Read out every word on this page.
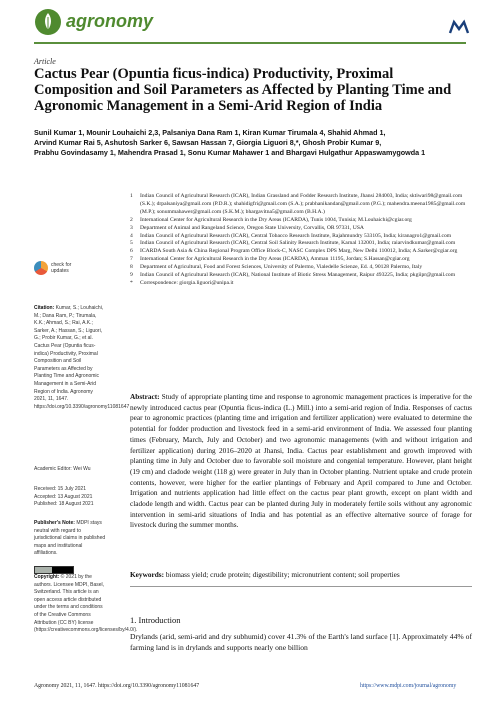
agronomy
Article
Cactus Pear (Opuntia ficus-indica) Productivity, Proximal Composition and Soil Parameters as Affected by Planting Time and Agronomic Management in a Semi-Arid Region of India
Sunil Kumar 1, Mounir Louhaichi 2,3, Palsaniya Dana Ram 1, Kiran Kumar Tirumala 4, Shahid Ahmad 1,
Arvind Kumar Rai 5, Ashutosh Sarker 6, Sawsan Hassan 7, Giorgia Liguori 8,*, Ghosh Probir Kumar 9,
Prabhu Govindasamy 1, Mahendra Prasad 1, Sonu Kumar Mahawer 1 and Bhargavi Hulgathur Appaswamygowda 1
1	Indian Council of Agricultural Research (ICAR), Indian Grassland and Fodder Research Institute, Jhansi 284003, India; sktiwari98@gmail.com (S.K.); drpalsaniya@gmail.com (P.D.R.); shahidigfri@gmail.com (S.A.); prabhanikandan@gmail.com (P.G.); mahendra.meena1985@gmail.com (M.P.); sonummahawer@gmail.com (S.K.M.); bhargavitna5@gmail.com (B.H.A.)
2	International Center for Agricultural Research in the Dry Areas (ICARDA), Tunis 1004, Tunisia; M.Louhaichi@cgiar.org
3	Department of Animal and Rangeland Science, Oregon State University, Corvallis, OR 97331, USA
4	Indian Council of Agricultural Research (ICAR), Central Tobacco Research Institute, Rajahmundry 533105, India; kiranagro1@gmail.com
5	Indian Council of Agricultural Research (ICAR), Central Soil Salinity Research Institute, Karnal 132001, India; raiarvindkumar@gmail.com
6	ICARDA South Asia & China Regional Program Office Block-C, NASC Complex DPS Marg, New Delhi 110012, India; A.Sarker@cgiar.org
7	International Center for Agricultural Research in the Dry Areas (ICARDA), Amman 11195, Jordan; S.Hassan@cgiar.org
8	Department of Agricultural, Food and Forest Sciences, University of Palermo, Vialedelle Scienze, Ed. 4, 90128 Palermo, Italy
9	Indian Council of Agricultural Research (ICAR), National Institute of Biotic Stress Management, Raipur 493225, India; pkgiipr@gmail.com
*	Correspondence: giorgia.liguori@unipa.it
check for
updates
Citation: Kumar, S.; Louhaichi, M.; Dana Ram, P.; Tirumala, K.K.; Ahmad, S.; Rai, A.K.; Sarker, A.; Hassan, S.; Liguori, G.; Probir Kumar, G.; et al. Cactus Pear (Opuntia ficus-indica) Productivity, Proximal Composition and Soil Parameters as Affected by Planting Time and Agronomic Management in a Semi-Arid Region of India. Agronomy 2021, 11, 1647. https://doi.org/10.3390/agronomy11081647
Academic Editor: Wei Wu
Received: 15 July 2021
Accepted: 13 August 2021
Published: 18 August 2021
Publisher's Note: MDPI stays neutral with regard to jurisdictional claims in published maps and institutional affiliations.
Copyright: © 2021 by the authors. Licensee MDPI, Basel, Switzerland. This article is an open access article distributed under the terms and conditions of the Creative Commons Attribution (CC BY) license (https://creativecommons.org/licenses/by/4.0/).
Abstract: Study of appropriate planting time and response to agronomic management practices is imperative for the newly introduced cactus pear (Opuntia ficus-indica (L.) Mill.) into a semi-arid region of India. Responses of cactus pear to agronomic practices (planting time and irrigation and fertilizer application) were evaluated to determine the potential for fodder production and livestock feed in a semi-arid environment of India. We assessed four planting times (February, March, July and October) and two agronomic managements (with and without irrigation and fertilizer application) during 2016–2020 at Jhansi, India. Cactus pear establishment and growth improved with planting time in July and October due to favorable soil moisture and congenial temperature. However, plant height (19 cm) and cladode weight (118 g) were greater in July than in October planting. Nutrient uptake and crude protein contents, however, were higher for the earlier plantings of February and April compared to June and October. Irrigation and nutrients application had little effect on the cactus pear plant growth, except on plant width and cladode length and width. Cactus pear can be planted during July in moderately fertile soils without any agronomic intervention in semi-arid situations of India and has potential as an effective alternative source of forage for livestock during the summer months.
Keywords: biomass yield; crude protein; digestibility; micronutrient content; soil properties
1. Introduction
Drylands (arid, semi-arid and dry subhumid) cover 41.3% of the Earth's land surface [1]. Approximately 44% of farming land is in drylands and supports nearly one billion
Agronomy 2021, 11, 1647. https://doi.org/10.3390/agronomy11081647	https://www.mdpi.com/journal/agronomy
